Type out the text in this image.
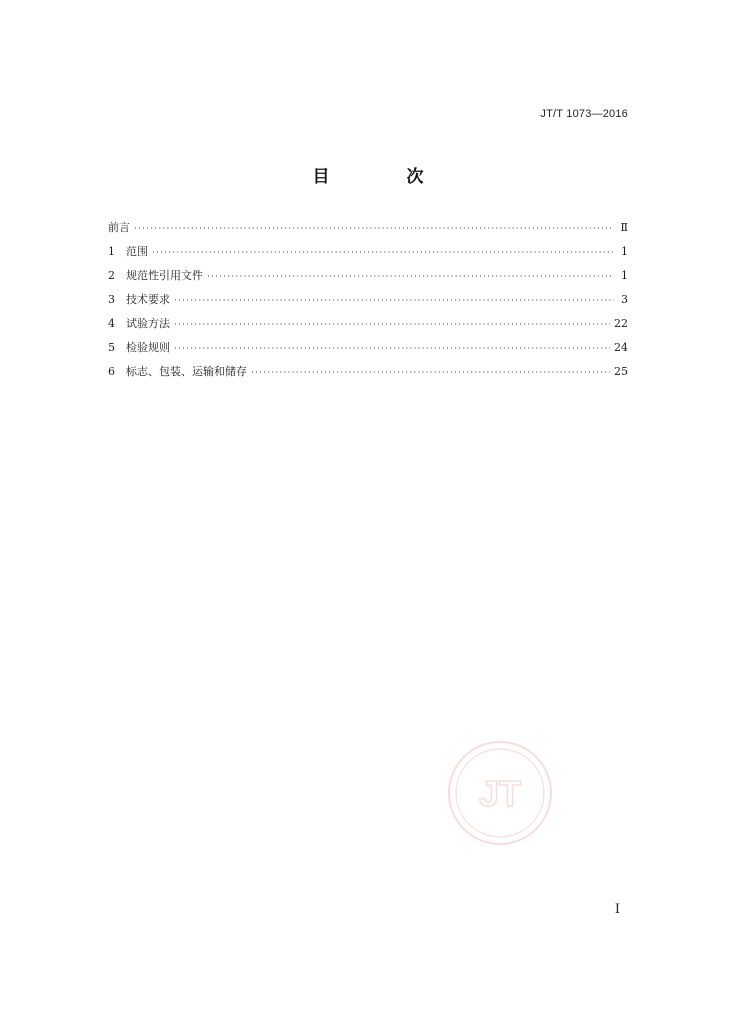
JT/T 1073—2016
目　次
前言 ·····	Ⅱ
1	范围 ·····	1
2	规范性引用文件 ·····	1
3	技术要求 ·····	3
4	试验方法 ·····	22
5	检验规则 ·····	24
6	标志、包装、运输和储存 ·····	25
JT
I
